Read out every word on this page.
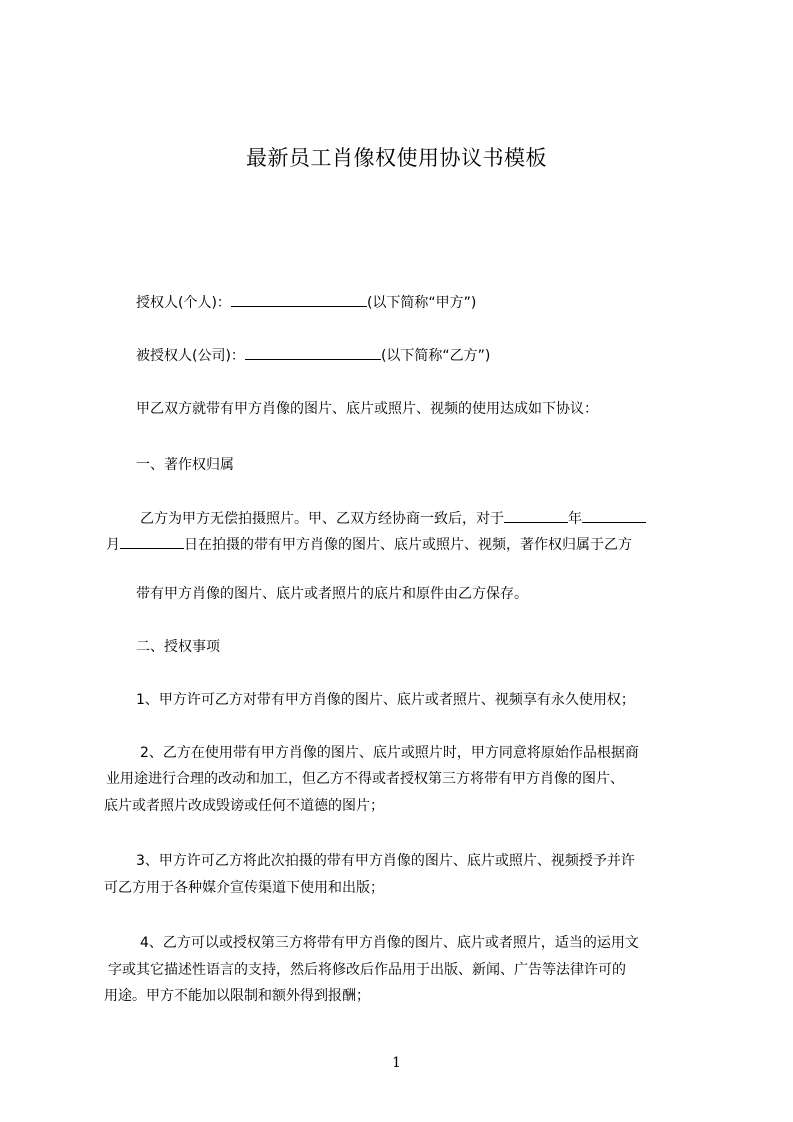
最新员工肖像权使用协议书模板
授权人(个人)：	(以下简称“甲方”)
被授权人(公司)：	(以下简称“乙方”)
甲乙双方就带有甲方肖像的图片、底片或照片、视频的使用达成如下协议：
一、著作权归属
乙方为甲方无偿拍摄照片。甲、乙双方经协商一致后，对于	年
月	日在拍摄的带有甲方肖像的图片、底片或照片、视频，著作权归属于乙方
带有甲方肖像的图片、底片或者照片的底片和原件由乙方保存。
二、授权事项
1、甲方许可乙方对带有甲方肖像的图片、底片或者照片、视频享有永久使用权；
2、乙方在使用带有甲方肖像的图片、底片或照片时，甲方同意将原始作品根据商
业用途进行合理的改动和加工，但乙方不得或者授权第三方将带有甲方肖像的图片、
底片或者照片改成毁谤或任何不道德的图片；
3、甲方许可乙方将此次拍摄的带有甲方肖像的图片、底片或照片、视频授予并许
可乙方用于各种媒介宣传渠道下使用和出版；
4、乙方可以或授权第三方将带有甲方肖像的图片、底片或者照片，适当的运用文
字或其它描述性语言的支持，然后将修改后作品用于出版、新闻、广告等法律许可的
用途。甲方不能加以限制和额外得到报酬；
1
